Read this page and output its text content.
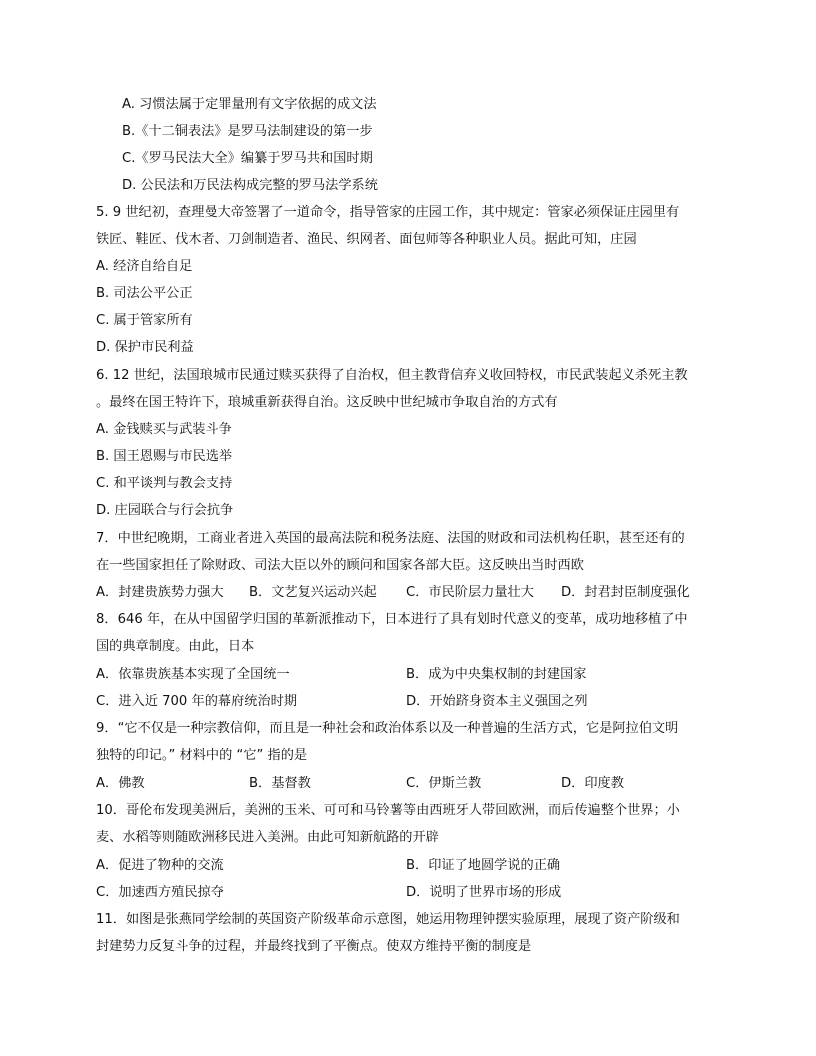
A. 习惯法属于定罪量刑有文字依据的成文法
B.《十二铜表法》是罗马法制建设的第一步
C.《罗马民法大全》编纂于罗马共和国时期
D. 公民法和万民法构成完整的罗马法学系统
5. 9 世纪初，查理曼大帝签署了一道命令，指导管家的庄园工作，其中规定：管家必须保证庄园里有
铁匠、鞋匠、伐木者、刀剑制造者、渔民、织网者、面包师等各种职业人员。据此可知，庄园
A. 经济自给自足
B. 司法公平公正
C. 属于管家所有
D. 保护市民利益
6. 12 世纪，法国琅城市民通过赎买获得了自治权，但主教背信弃义收回特权，市民武装起义杀死主教
。最终在国王特许下，琅城重新获得自治。这反映中世纪城市争取自治的方式有
A. 金钱赎买与武装斗争
B. 国王恩赐与市民选举
C. 和平谈判与教会支持
D. 庄园联合与行会抗争
7．中世纪晚期，工商业者进入英国的最高法院和税务法庭、法国的财政和司法机构任职，甚至还有的
在一些国家担任了除财政、司法大臣以外的顾问和国家各部大臣。这反映出当时西欧
A．封建贵族势力强大 B．文艺复兴运动兴起 C．市民阶层力量壮大 D．封君封臣制度强化
8．646 年，在从中国留学归国的革新派推动下，日本进行了具有划时代意义的变革，成功地移植了中
国的典章制度。由此，日本
A．依靠贵族基本实现了全国统一	B．成为中央集权制的封建国家
C．进入近 700 年的幕府统治时期	D．开始跻身资本主义强国之列
9．“它不仅是一种宗教信仰，而且是一种社会和政治体系以及一种普遍的生活方式，它是阿拉伯文明
独特的印记。” 材料中的 “它” 指的是
A．佛教	B．基督教	C．伊斯兰教	D．印度教
10．哥伦布发现美洲后，美洲的玉米、可可和马铃薯等由西班牙人带回欧洲，而后传遍整个世界；小
麦、水稻等则随欧洲移民进入美洲。由此可知新航路的开辟
A．促进了物种的交流	B．印证了地圆学说的正确
C．加速西方殖民掠夺	D．说明了世界市场的形成
11．如图是张燕同学绘制的英国资产阶级革命示意图，她运用物理钟摆实验原理，展现了资产阶级和
封建势力反复斗争的过程，并最终找到了平衡点。使双方维持平衡的制度是
